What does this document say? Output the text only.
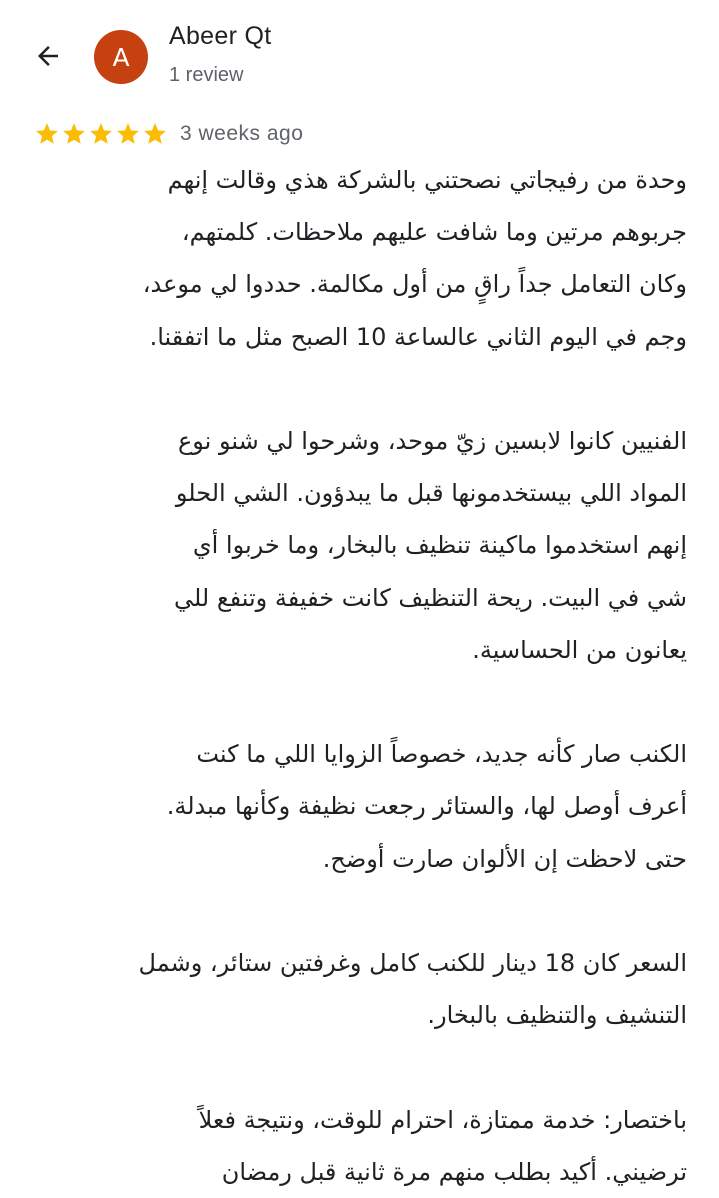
A
Abeer Qt
1 review
3 weeks ago

وحدة من رفيجاتي نصحتني بالشركة هذي وقالت إنهم
جربوهم مرتين وما شافت عليهم ملاحظات. كلمتهم،
وكان التعامل جداً راقٍ من أول مكالمة. حددوا لي موعد،
وجم في اليوم الثاني عالساعة 10 الصبح مثل ما اتفقنا.

الفنيين كانوا لابسين زيّ موحد، وشرحوا لي شنو نوع
المواد اللي بيستخدمونها قبل ما يبدؤون. الشي الحلو
إنهم استخدموا ماكينة تنظيف بالبخار، وما خربوا أي
شي في البيت. ريحة التنظيف كانت خفيفة وتنفع للي
يعانون من الحساسية.

الكنب صار كأنه جديد، خصوصاً الزوايا اللي ما كنت
أعرف أوصل لها، والستائر رجعت نظيفة وكأنها مبدلة.
حتى لاحظت إن الألوان صارت أوضح.

السعر كان 18 دينار للكنب كامل وغرفتين ستائر، وشمل
التنشيف والتنظيف بالبخار.

باختصار: خدمة ممتازة، احترام للوقت، ونتيجة فعلاً
ترضيني. أكيد بطلب منهم مرة ثانية قبل رمضان
